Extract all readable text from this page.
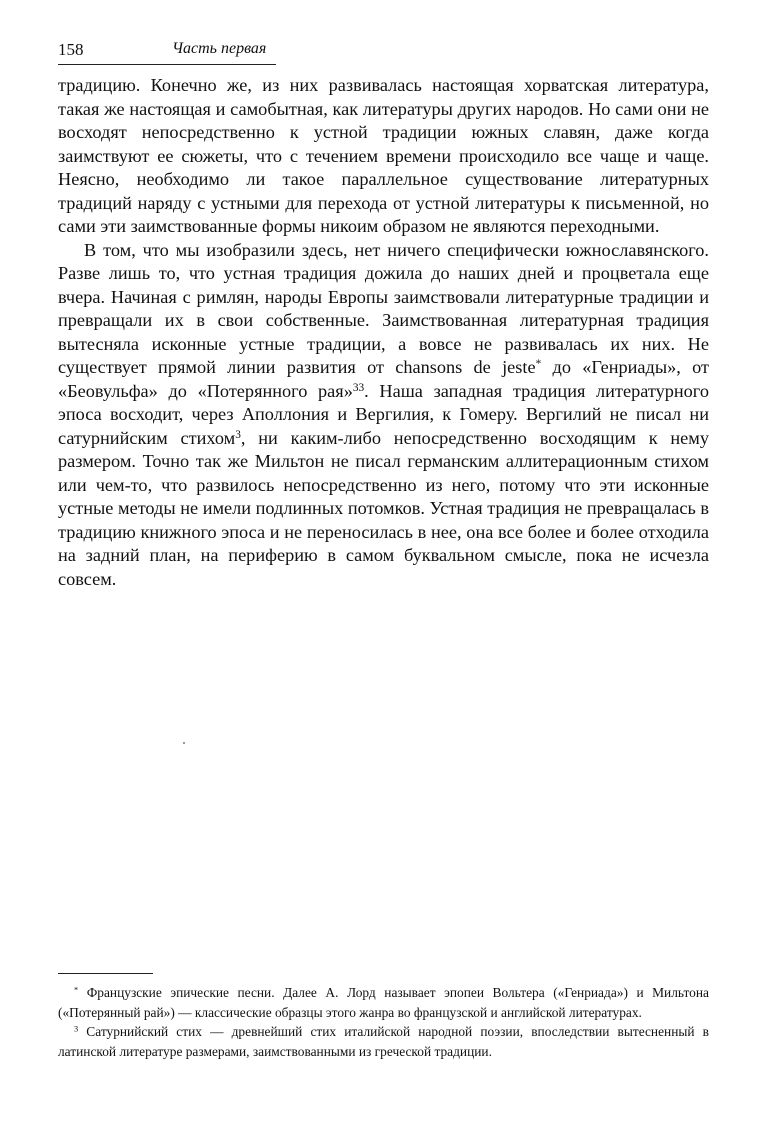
158	Часть первая

традицию. Конечно же, из них развивалась настоящая хорватская литература, такая же настоящая и самобытная, как литературы других народов. Но сами они не восходят непосредственно к устной традиции южных славян, даже когда заимствуют ее сюжеты, что с течением времени происходило все чаще и чаще. Неясно, необходимо ли такое параллельное существование литературных традиций наряду с устными для перехода от устной литературы к письменной, но сами эти заимствованные формы никоим образом не являются переходными.

В том, что мы изобразили здесь, нет ничего специфически южнославянского. Разве лишь то, что устная традиция дожила до наших дней и процветала еще вчера. Начиная с римлян, народы Европы заимствовали литературные традиции и превращали их в свои собственные. Заимствованная литературная традиция вытесняла исконные устные традиции, а вовсе не развивалась их них. Не существует прямой линии развития от chansons de jeste* до «Генриады», от «Беовульфа» до «Потерянного рая»$^{33}$. Наша западная традиция литературного эпоса восходит, через Аполлония и Вергилия, к Гомеру. Вергилий не писал ни сатурнийским стихом$^3$, ни каким-либо непосредственно восходящим к нему размером. Точно так же Мильтон не писал германским аллитерационным стихом или чем-то, что развилось непосредственно из него, потому что эти исконные устные методы не имели подлинных потомков. Устная традиция не превращалась в традицию книжного эпоса и не переносилась в нее, она все более и более отходила на задний план, на периферию в самом буквальном смысле, пока не исчезла совсем.

* Французские эпические песни. Далее А. Лорд называет эпопеи Вольтера («Генриада») и Мильтона («Потерянный рай») — классические образцы этого жанра во французской и английской литературах.

$^3$ Сатурнийский стих — древнейший стих италийской народной поэзии, впоследствии вытесненный в латинской литературе размерами, заимствованными из греческой традиции.
